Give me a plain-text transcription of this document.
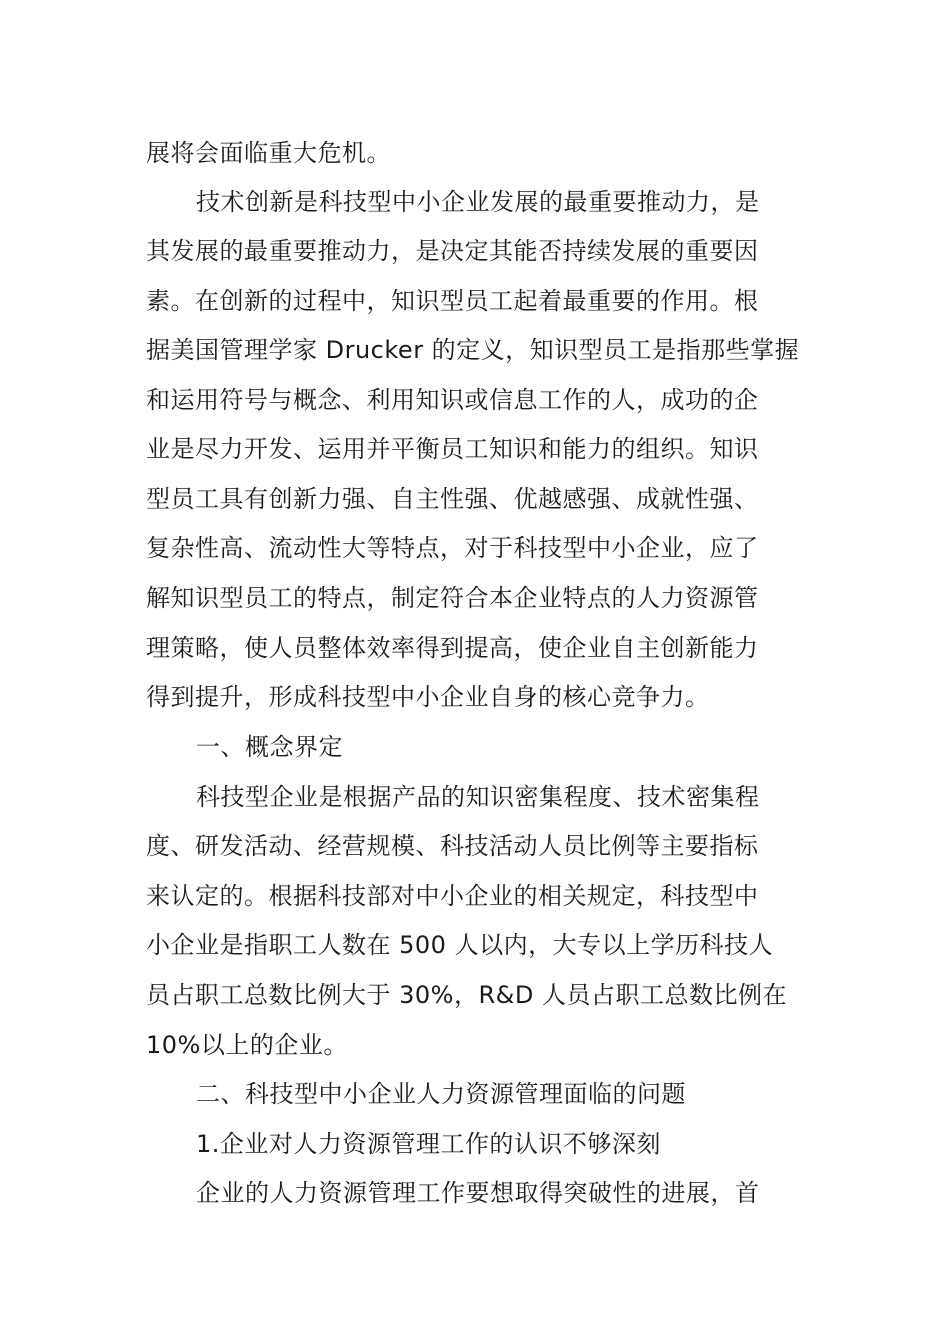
展将会面临重大危机。
技术创新是科技型中小企业发展的最重要推动力，是
其发展的最重要推动力，是决定其能否持续发展的重要因
素。在创新的过程中，知识型员工起着最重要的作用。根
据美国管理学家 Drucker 的定义，知识型员工是指那些掌握
和运用符号与概念、利用知识或信息工作的人，成功的企
业是尽力开发、运用并平衡员工知识和能力的组织。知识
型员工具有创新力强、自主性强、优越感强、成就性强、
复杂性高、流动性大等特点，对于科技型中小企业，应了
解知识型员工的特点，制定符合本企业特点的人力资源管
理策略，使人员整体效率得到提高，使企业自主创新能力
得到提升，形成科技型中小企业自身的核心竞争力。
一、概念界定
科技型企业是根据产品的知识密集程度、技术密集程
度、研发活动、经营规模、科技活动人员比例等主要指标
来认定的。根据科技部对中小企业的相关规定，科技型中
小企业是指职工人数在 500 人以内，大专以上学历科技人
员占职工总数比例大于 30%，R&D 人员占职工总数比例在
10%以上的企业。
二、科技型中小企业人力资源管理面临的问题
1.企业对人力资源管理工作的认识不够深刻
企业的人力资源管理工作要想取得突破性的进展，首
